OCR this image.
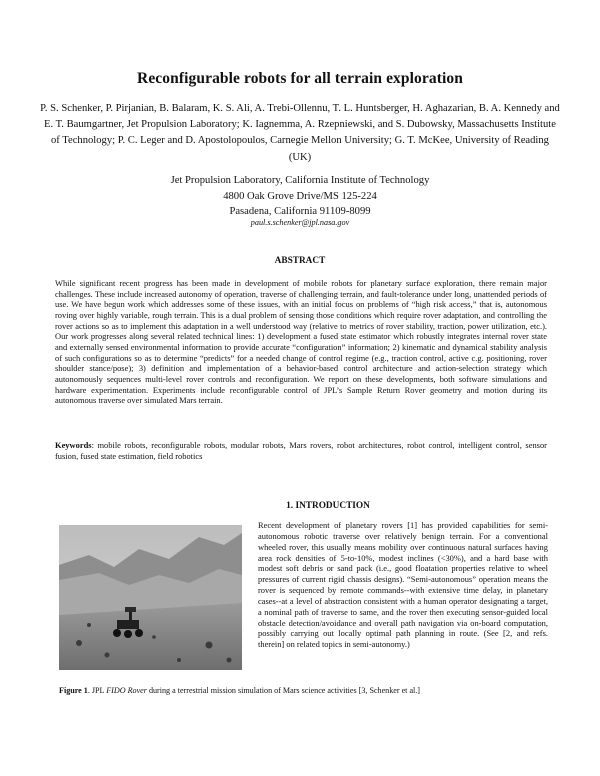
Reconfigurable robots for all terrain exploration
P. S. Schenker, P. Pirjanian, B. Balaram, K. S. Ali, A. Trebi-Ollennu, T. L. Huntsberger, H. Aghazarian, B. A. Kennedy and E. T. Baumgartner, Jet Propulsion Laboratory; K. Iagnemma, A. Rzepniewski, and S. Dubowsky, Massachusetts Institute of Technology; P. C. Leger and D. Apostolopoulos, Carnegie Mellon University; G. T. McKee, University of Reading (UK)
Jet Propulsion Laboratory, California Institute of Technology
4800 Oak Grove Drive/MS 125-224
Pasadena, California 91109-8099
paul.s.schenker@jpl.nasa.gov
ABSTRACT
While significant recent progress has been made in development of mobile robots for planetary surface exploration, there remain major challenges. These include increased autonomy of operation, traverse of challenging terrain, and fault-tolerance under long, unattended periods of use. We have begun work which addresses some of these issues, with an initial focus on problems of “high risk access,” that is, autonomous roving over highly variable, rough terrain. This is a dual problem of sensing those conditions which require rover adaptation, and controlling the rover actions so as to implement this adaptation in a well understood way (relative to metrics of rover stability, traction, power utilization, etc.). Our work progresses along several related technical lines: 1) development a fused state estimator which robustly integrates internal rover state and externally sensed environmental information to provide accurate “configuration” information; 2) kinematic and dynamical stability analysis of such configurations so as to determine “predicts” for a needed change of control regime (e.g., traction control, active c.g. positioning, rover shoulder stance/pose); 3) definition and implementation of a behavior-based control architecture and action-selection strategy which autonomously sequences multi-level rover controls and reconfiguration. We report on these developments, both software simulations and hardware experimentation. Experiments include reconfigurable control of JPL’s Sample Return Rover geometry and motion during its autonomous traverse over simulated Mars terrain.
Keywords: mobile robots, reconfigurable robots, modular robots, Mars rovers, robot architectures, robot control, intelligent control, sensor fusion, fused state estimation, field robotics
1. INTRODUCTION
Recent development of planetary rovers [1] has provided capabilities for semi-autonomous robotic traverse over relatively benign terrain. For a conventional wheeled rover, this usually means mobility over continuous natural surfaces having area rock densities of 5-to-10%, modest inclines (<30%), and a hard base with modest soft debris or sand pack (i.e., good floatation properties relative to wheel pressures of current rigid chassis designs). “Semi-autonomous” operation means the rover is sequenced by remote commands--with extensive time delay, in planetary cases--at a level of abstraction consistent with a human operator designating a target, a nominal path of traverse to same, and the rover then executing sensor-guided local obstacle detection/avoidance and overall path navigation via on-board computation, possibly carrying out locally optimal path planning in route. (See [2, and refs. therein] on related topics in semi-autonomy.)
Figure 1. JPL FIDO Rover during a terrestrial mission simulation of Mars science activities [3, Schenker et al.]
